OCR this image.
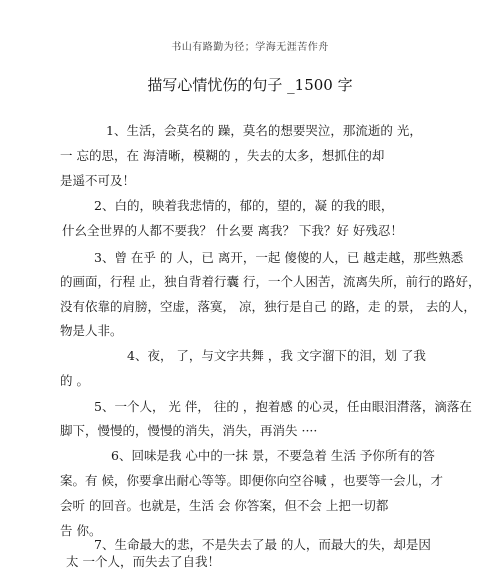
书山有路勤为径；学海无涯苦作舟
描写心情忧伤的句子 _1500 字
1、生活，会莫名的 躁，莫名的想要哭泣，那流逝的 光，
一 忘的思，在 海清晰，模糊的 ，失去的太多，想抓住的却
是遥不可及！
2、白的，映着我悲情的，郁的，望的，凝 的我的眼，
什幺全世界的人都不要我？ 什幺要 离我？ 下我？好 好残忍！
3、曾 在乎 的 人，已 离开，一起 傻傻的人，已 越走越，那些熟悉
的画面，行程 止，独自背着行囊 行，一个人困苦，流离失所，前行的路好，
没有依靠的肩膀，空虚，落寞， 凉，独行是自己 的路，走 的景， 去的人，
物是人非。
4、夜， 了，与文字共舞 ，我 文字溜下的泪，划 了我
的 。
5、一个人， 光 伴， 往的 ，抱着感 的心灵，任由眼泪潸落，滴落在
脚下，慢慢的，慢慢的消失，消失，再消失 ····
6、回味是我 心中的一抹 景，不要急着 生活 予你所有的答
案。有 候，你要拿出耐心等等。即便你向空谷喊 ，也要等一会儿，才
会听 的回音。也就是，生活 会 你答案，但不会 上把一切都
告 你。
7、生命最大的悲，不是失去了最 的人，而最大的失，却是因
太 一个人，而失去了自我！
